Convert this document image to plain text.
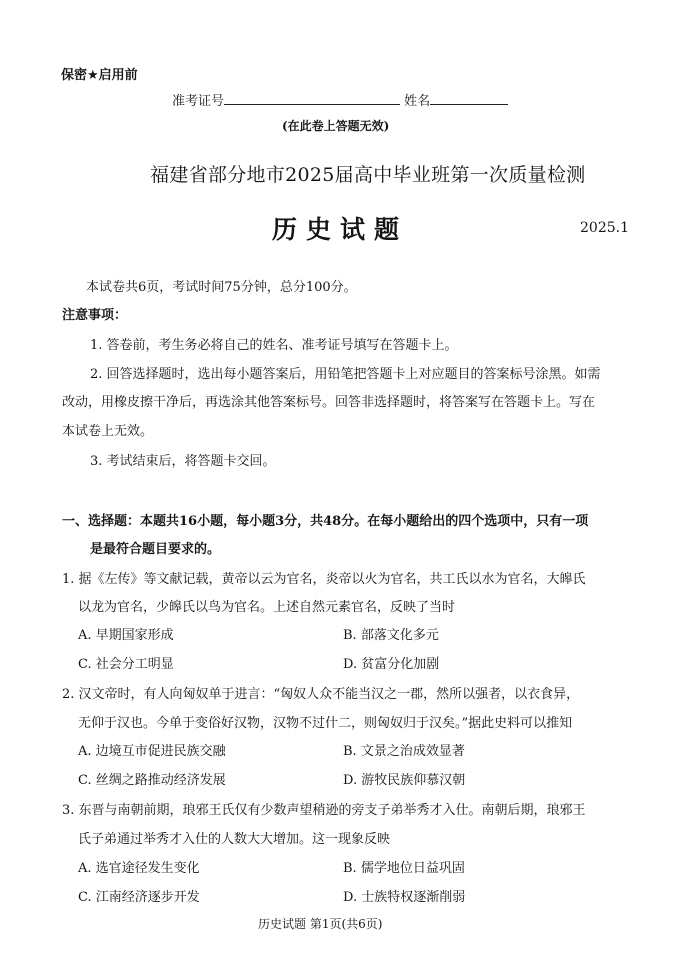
保密★启用前
准考证号	姓名
(在此卷上答题无效)
福建省部分地市2025届高中毕业班第一次质量检测
历史试题	2025.1
本试卷共6页，考试时间75分钟，总分100分。
注意事项：
1. 答卷前，考生务必将自己的姓名、准考证号填写在答题卡上。
2. 回答选择题时，选出每小题答案后，用铅笔把答题卡上对应题目的答案标号涂黑。如需
改动，用橡皮擦干净后，再选涂其他答案标号。回答非选择题时，将答案写在答题卡上。写在
本试卷上无效。
3. 考试结束后，将答题卡交回。
一、选择题：本题共16小题，每小题3分，共48分。在每小题给出的四个选项中，只有一项
是最符合题目要求的。
1. 据《左传》等文献记载，黄帝以云为官名，炎帝以火为官名，共工氏以水为官名，大皞氏
以龙为官名，少皞氏以鸟为官名。上述自然元素官名，反映了当时
A. 早期国家形成	B. 部落文化多元
C. 社会分工明显	D. 贫富分化加剧
2. 汉文帝时，有人向匈奴单于进言：“匈奴人众不能当汉之一郡，然所以强者，以衣食异，
无仰于汉也。今单于变俗好汉物，汉物不过什二，则匈奴归于汉矣。”据此史料可以推知
A. 边境互市促进民族交融	B. 文景之治成效显著
C. 丝绸之路推动经济发展	D. 游牧民族仰慕汉朝
3. 东晋与南朝前期，琅邪王氏仅有少数声望稍逊的旁支子弟举秀才入仕。南朝后期，琅邪王
氏子弟通过举秀才入仕的人数大大增加。这一现象反映
A. 选官途径发生变化	B. 儒学地位日益巩固
C. 江南经济逐步开发	D. 士族特权逐渐削弱
历史试题 第1页(共6页)
